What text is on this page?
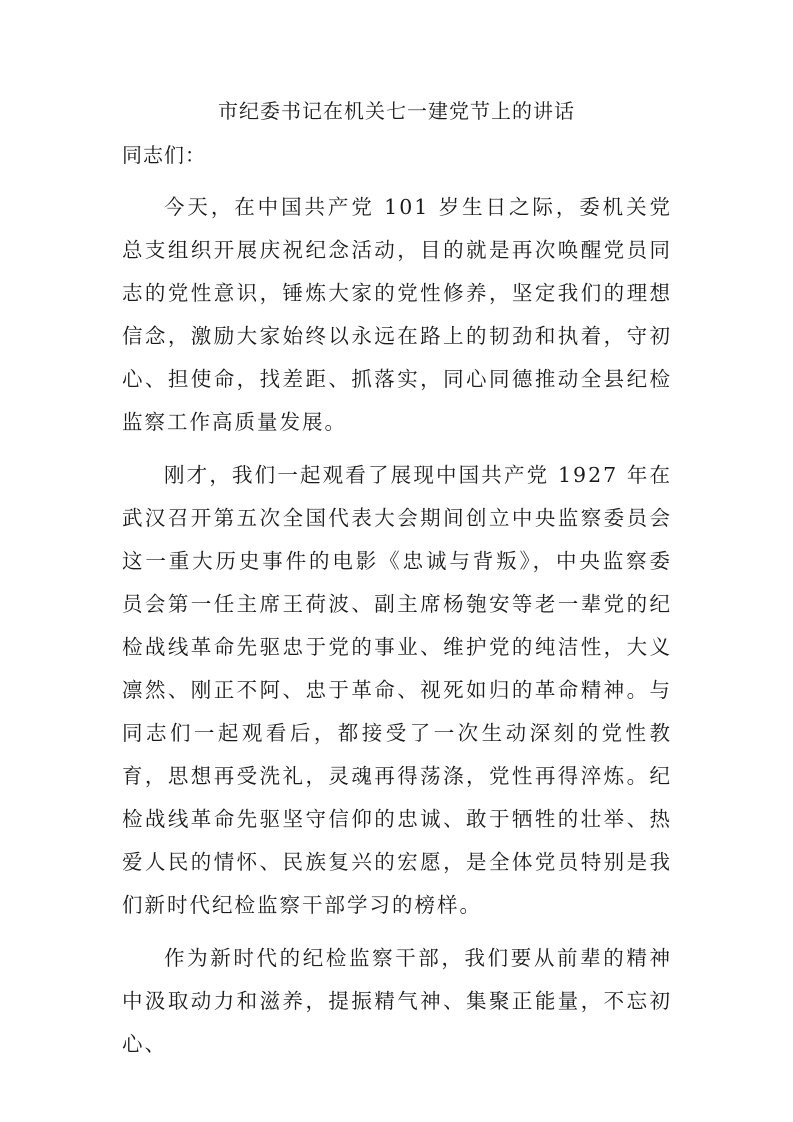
市纪委书记在机关七一建党节上的讲话
同志们：

今天，在中国共产党 101 岁生日之际，委机关党总支组织开展庆祝纪念活动，目的就是再次唤醒党员同志的党性意识，锤炼大家的党性修养，坚定我们的理想信念，激励大家始终以永远在路上的韧劲和执着，守初心、担使命，找差距、抓落实，同心同德推动全县纪检监察工作高质量发展。

刚才，我们一起观看了展现中国共产党 1927 年在武汉召开第五次全国代表大会期间创立中央监察委员会这一重大历史事件的电影《忠诚与背叛》，中央监察委员会第一任主席王荷波、副主席杨匏安等老一辈党的纪检战线革命先驱忠于党的事业、维护党的纯洁性，大义凛然、刚正不阿、忠于革命、视死如归的革命精神。与同志们一起观看后，都接受了一次生动深刻的党性教育，思想再受洗礼，灵魂再得荡涤，党性再得淬炼。纪检战线革命先驱坚守信仰的忠诚、敢于牺牲的壮举、热爱人民的情怀、民族复兴的宏愿，是全体党员特别是我们新时代纪检监察干部学习的榜样。

作为新时代的纪检监察干部，我们要从前辈的精神中汲取动力和滋养，提振精气神、集聚正能量，不忘初心、
